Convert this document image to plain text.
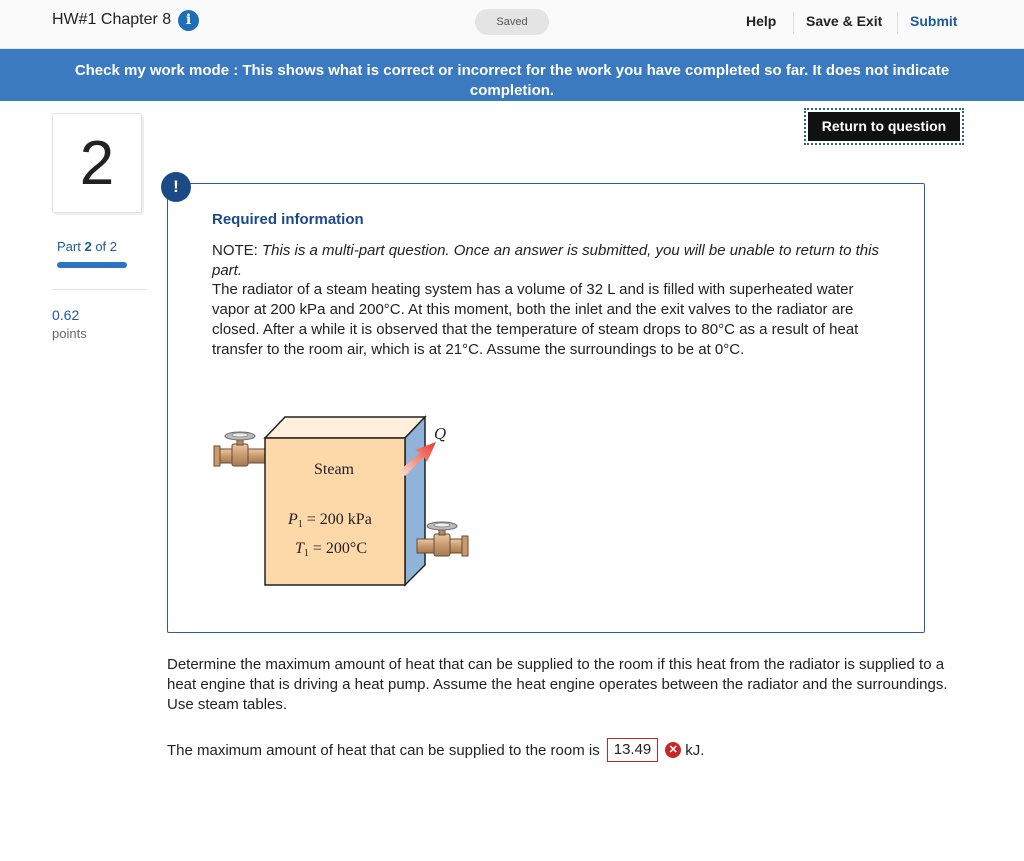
HW#1 Chapter 8	i	Saved	Help Save & Exit Submit
Check my work mode : This shows what is correct or incorrect for the work you have completed so far. It does not indicate completion.
Return to question
2
Part 2 of 2
0.62
points
!
Required information
NOTE: This is a multi-part question. Once an answer is submitted, you will be unable to return to this part.
The radiator of a steam heating system has a volume of 32 L and is filled with superheated water vapor at 200 kPa and 200°C. At this moment, both the inlet and the exit valves to the radiator are closed. After a while it is observed that the temperature of steam drops to 80°C as a result of heat transfer to the room air, which is at 21°C. Assume the surroundings to be at 0°C.
Q
Steam
P1 = 200 kPa
T1 = 200°C
Determine the maximum amount of heat that can be supplied to the room if this heat from the radiator is supplied to a heat engine that is driving a heat pump. Assume the heat engine operates between the radiator and the surroundings. Use steam tables.
The maximum amount of heat that can be supplied to the room is 13.49	✕ kJ.
